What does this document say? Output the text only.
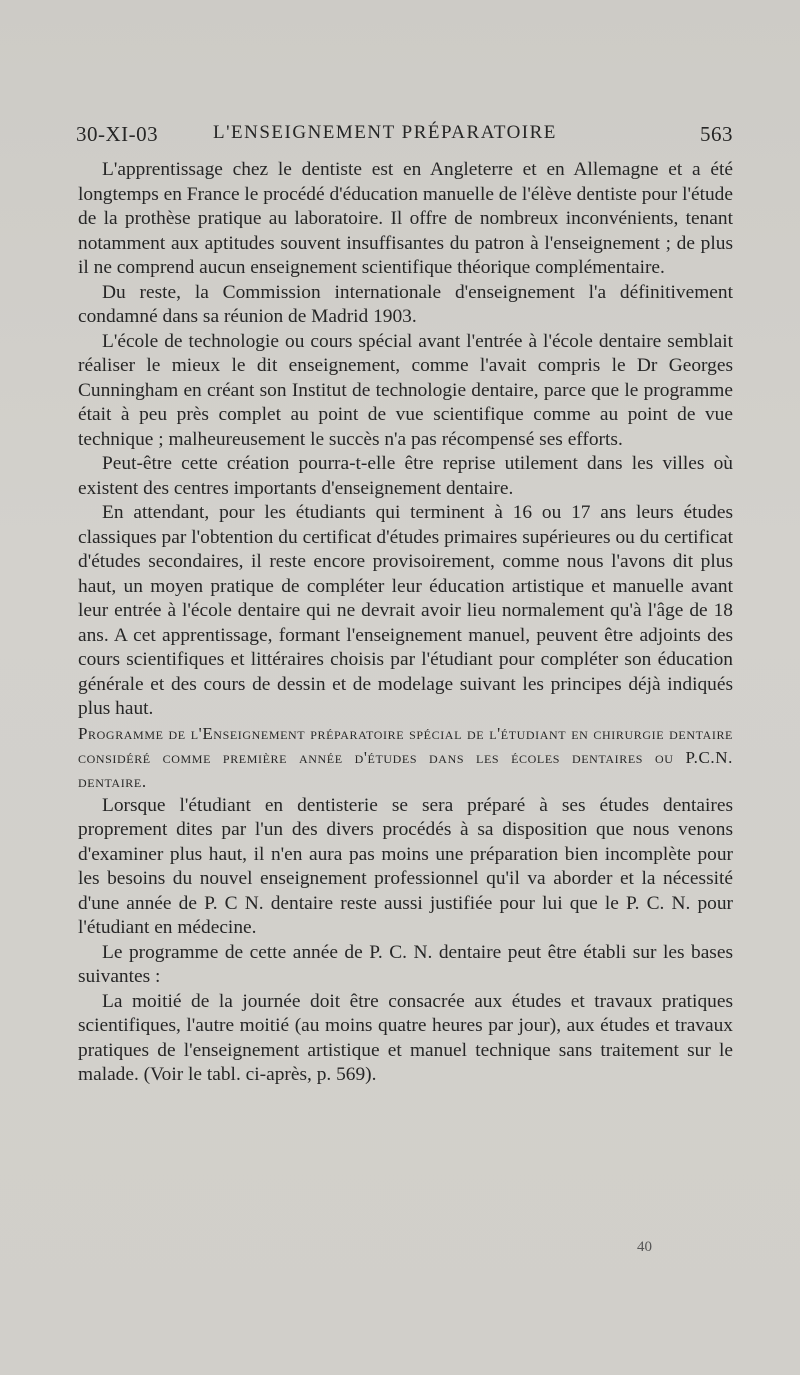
30-XI-03	L'ENSEIGNEMENT PRÉPARATOIRE	563

L'apprentissage chez le dentiste est en Angleterre et en Allemagne et a été longtemps en France le procédé d'éducation manuelle de l'élève dentiste pour l'étude de la prothèse pratique au laboratoire. Il offre de nombreux inconvénients, tenant notamment aux aptitudes souvent insuffisantes du patron à l'enseignement ; de plus il ne comprend aucun enseignement scientifique théorique complémentaire.

Du reste, la Commission internationale d'enseignement l'a définitivement condamné dans sa réunion de Madrid 1903.

L'école de technologie ou cours spécial avant l'entrée à l'école dentaire semblait réaliser le mieux le dit enseignement, comme l'avait compris le Dr Georges Cunningham en créant son Institut de technologie dentaire, parce que le programme était à peu près complet au point de vue scientifique comme au point de vue technique ; malheureusement le succès n'a pas récompensé ses efforts.

Peut-être cette création pourra-t-elle être reprise utilement dans les villes où existent des centres importants d'enseignement dentaire.

En attendant, pour les étudiants qui terminent à 16 ou 17 ans leurs études classiques par l'obtention du certificat d'études primaires supérieures ou du certificat d'études secondaires, il reste encore provisoirement, comme nous l'avons dit plus haut, un moyen pratique de compléter leur éducation artistique et manuelle avant leur entrée à l'école dentaire qui ne devrait avoir lieu normalement qu'à l'âge de 18 ans. A cet apprentissage, formant l'enseignement manuel, peuvent être adjoints des cours scientifiques et littéraires choisis par l'étudiant pour compléter son éducation générale et des cours de dessin et de modelage suivant les principes déjà indiqués plus haut.

Programme de l'Enseignement préparatoire spécial de l'étudiant en chirurgie dentaire considéré comme première année d'études dans les écoles dentaires ou P.C.N. dentaire.

Lorsque l'étudiant en dentisterie se sera préparé à ses études dentaires proprement dites par l'un des divers procédés à sa disposition que nous venons d'examiner plus haut, il n'en aura pas moins une préparation bien incomplète pour les besoins du nouvel enseignement professionnel qu'il va aborder et la nécessité d'une année de P. C N. dentaire reste aussi justifiée pour lui que le P. C. N. pour l'étudiant en médecine.

Le programme de cette année de P. C. N. dentaire peut être établi sur les bases suivantes :

La moitié de la journée doit être consacrée aux études et travaux pratiques scientifiques, l'autre moitié (au moins quatre heures par jour), aux études et travaux pratiques de l'enseignement artistique et manuel technique sans traitement sur le malade. (Voir le tabl. ci-après, p. 569).

40
